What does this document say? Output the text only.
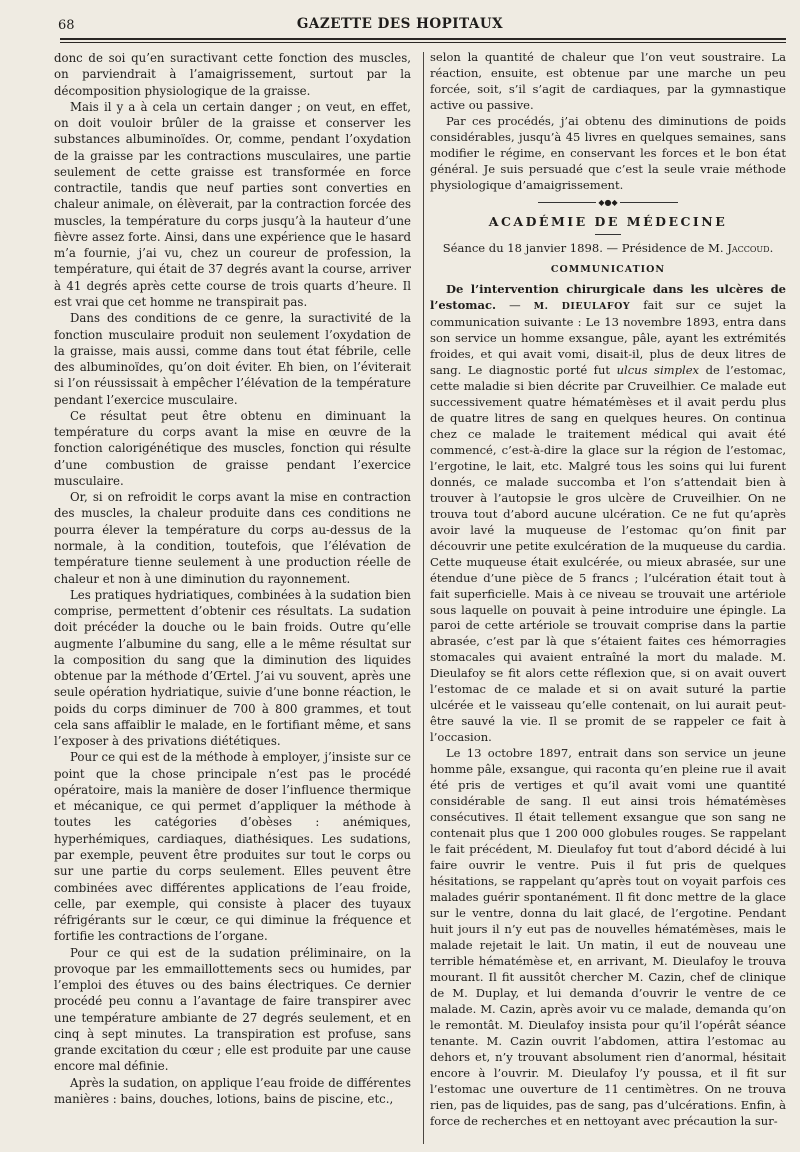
68	GAZETTE DES HOPITAUX

donc de soi qu’en suractivant cette fonction des muscles, on parviendrait à l’amaigrissement, surtout par la décomposition physiologique de la graisse.

Mais il y a à cela un certain danger ; on veut, en effet, on doit vouloir brûler de la graisse et conserver les substances albuminoïdes. Or, comme, pendant l’oxydation de la graisse par les contractions musculaires, une partie seulement de cette graisse est transformée en force contractile, tandis que neuf parties sont converties en chaleur animale, on élèverait, par la contraction forcée des muscles, la température du corps jusqu’à la hauteur d’une fièvre assez forte. Ainsi, dans une expérience que le hasard m’a fournie, j’ai vu, chez un coureur de profession, la température, qui était de 37 degrés avant la course, arriver à 41 degrés après cette course de trois quarts d’heure. Il est vrai que cet homme ne transpirait pas.

Dans des conditions de ce genre, la suractivité de la fonction musculaire produit non seulement l’oxydation de la graisse, mais aussi, comme dans tout état fébrile, celle des albuminoïdes, qu’on doit éviter. Eh bien, on l’éviterait si l’on réussissait à empêcher l’élévation de la température pendant l’exercice musculaire.

Ce résultat peut être obtenu en diminuant la température du corps avant la mise en œuvre de la fonction calorigénétique des muscles, fonction qui résulte d’une combustion de graisse pendant l’exercice musculaire.

Or, si on refroidit le corps avant la mise en contraction des muscles, la chaleur produite dans ces conditions ne pourra élever la température du corps au-dessus de la normale, à la condition, toutefois, que l’élévation de température tienne seulement à une production réelle de chaleur et non à une diminution du rayonnement.

Les pratiques hydriatiques, combinées à la sudation bien comprise, permettent d’obtenir ces résultats. La sudation doit précéder la douche ou le bain froids. Outre qu’elle augmente l’albumine du sang, elle a le même résultat sur la composition du sang que la diminution des liquides obtenue par la méthode d’Œrtel. J’ai vu souvent, après une seule opération hydriatique, suivie d’une bonne réaction, le poids du corps diminuer de 700 à 800 grammes, et tout cela sans affaiblir le malade, en le fortifiant même, et sans l’exposer à des privations diététiques.

Pour ce qui est de la méthode à employer, j’insiste sur ce point que la chose principale n’est pas le procédé opératoire, mais la manière de doser l’influence thermique et mécanique, ce qui permet d’appliquer la méthode à toutes les catégories d’obèses : anémiques, hyperhémiques, cardiaques, diathésiques. Les sudations, par exemple, peuvent être produites sur tout le corps ou sur une partie du corps seulement. Elles peuvent être combinées avec différentes applications de l’eau froide, celle, par exemple, qui consiste à placer des tuyaux réfrigérants sur le cœur, ce qui diminue la fréquence et fortifie les contractions de l’organe.

Pour ce qui est de la sudation préliminaire, on la provoque par les emmaillottements secs ou humides, par l’emploi des étuves ou des bains électriques. Ce dernier procédé peu connu a l’avantage de faire transpirer avec une température ambiante de 27 degrés seulement, et en cinq à sept minutes. La transpiration est profuse, sans grande excitation du cœur ; elle est produite par une cause encore mal définie.

Après la sudation, on applique l’eau froide de différentes manières : bains, douches, lotions, bains de piscine, etc.,

selon la quantité de chaleur que l’on veut soustraire. La réaction, ensuite, est obtenue par une marche un peu forcée, soit, s’il s’agit de cardiaques, par la gymnastique active ou passive.

Par ces procédés, j’ai obtenu des diminutions de poids considérables, jusqu’à 45 livres en quelques semaines, sans modifier le régime, en conservant les forces et le bon état général. Je suis persuadé que c’est la seule vraie méthode physiologique d’amaigrissement.

◆●◆
ACADÉMIE DE MÉDECINE
Séance du 18 janvier 1898. — Présidence de M. Jaccoud.
COMMUNICATION

De l’intervention chirurgicale dans les ulcères de l’estomac. — M. DIEULAFOY fait sur ce sujet la communication suivante : Le 13 novembre 1893, entra dans son service un homme exsangue, pâle, ayant les extrémités froides, et qui avait vomi, disait-il, plus de deux litres de sang. Le diagnostic porté fut ulcus simplex de l’estomac, cette maladie si bien décrite par Cruveilhier. Ce malade eut successivement quatre hématémèses et il avait perdu plus de quatre litres de sang en quelques heures. On continua chez ce malade le traitement médical qui avait été commencé, c’est-à-dire la glace sur la région de l’estomac, l’ergotine, le lait, etc. Malgré tous les soins qui lui furent donnés, ce malade succomba et l’on s’attendait bien à trouver à l’autopsie le gros ulcère de Cruveilhier. On ne trouva tout d’abord aucune ulcération. Ce ne fut qu’après avoir lavé la muqueuse de l’estomac qu’on finit par découvrir une petite exulcération de la muqueuse du cardia. Cette muqueuse était exulcérée, ou mieux abrasée, sur une étendue d’une pièce de 5 francs ; l’ulcération était tout à fait superficielle. Mais à ce niveau se trouvait une artériole sous laquelle on pouvait à peine introduire une épingle. La paroi de cette artériole se trouvait comprise dans la partie abrasée, c’est par là que s’étaient faites ces hémorragies stomacales qui avaient entraîné la mort du malade. M. Dieulafoy se fit alors cette réflexion que, si on avait ouvert l’estomac de ce malade et si on avait suturé la partie ulcérée et le vaisseau qu’elle contenait, on lui aurait peut-être sauvé la vie. Il se promit de se rappeler ce fait à l’occasion.

Le 13 octobre 1897, entrait dans son service un jeune homme pâle, exsangue, qui raconta qu’en pleine rue il avait été pris de vertiges et qu’il avait vomi une quantité considérable de sang. Il eut ainsi trois hématémèses consécutives. Il était tellement exsangue que son sang ne contenait plus que 1 200 000 globules rouges. Se rappelant le fait précédent, M. Dieulafoy fut tout d’abord décidé à lui faire ouvrir le ventre. Puis il fut pris de quelques hésitations, se rappelant qu’après tout on voyait parfois ces malades guérir spontanément. Il fit donc mettre de la glace sur le ventre, donna du lait glacé, de l’ergotine. Pendant huit jours il n’y eut pas de nouvelles hématémèses, mais le malade rejetait le lait. Un matin, il eut de nouveau une terrible hématémèse et, en arrivant, M. Dieulafoy le trouva mourant. Il fit aussitôt chercher M. Cazin, chef de clinique de M. Duplay, et lui demanda d’ouvrir le ventre de ce malade. M. Cazin, après avoir vu ce malade, demanda qu’on le remontât. M. Dieulafoy insista pour qu’il l’opérât séance tenante. M. Cazin ouvrit l’abdomen, attira l’estomac au dehors et, n’y trouvant absolument rien d’anormal, hésitait encore à l’ouvrir. M. Dieulafoy l’y poussa, et il fit sur l’estomac une ouverture de 11 centimètres. On ne trouva rien, pas de liquides, pas de sang, pas d’ulcérations. Enfin, à force de recherches et en nettoyant avec précaution la sur-
